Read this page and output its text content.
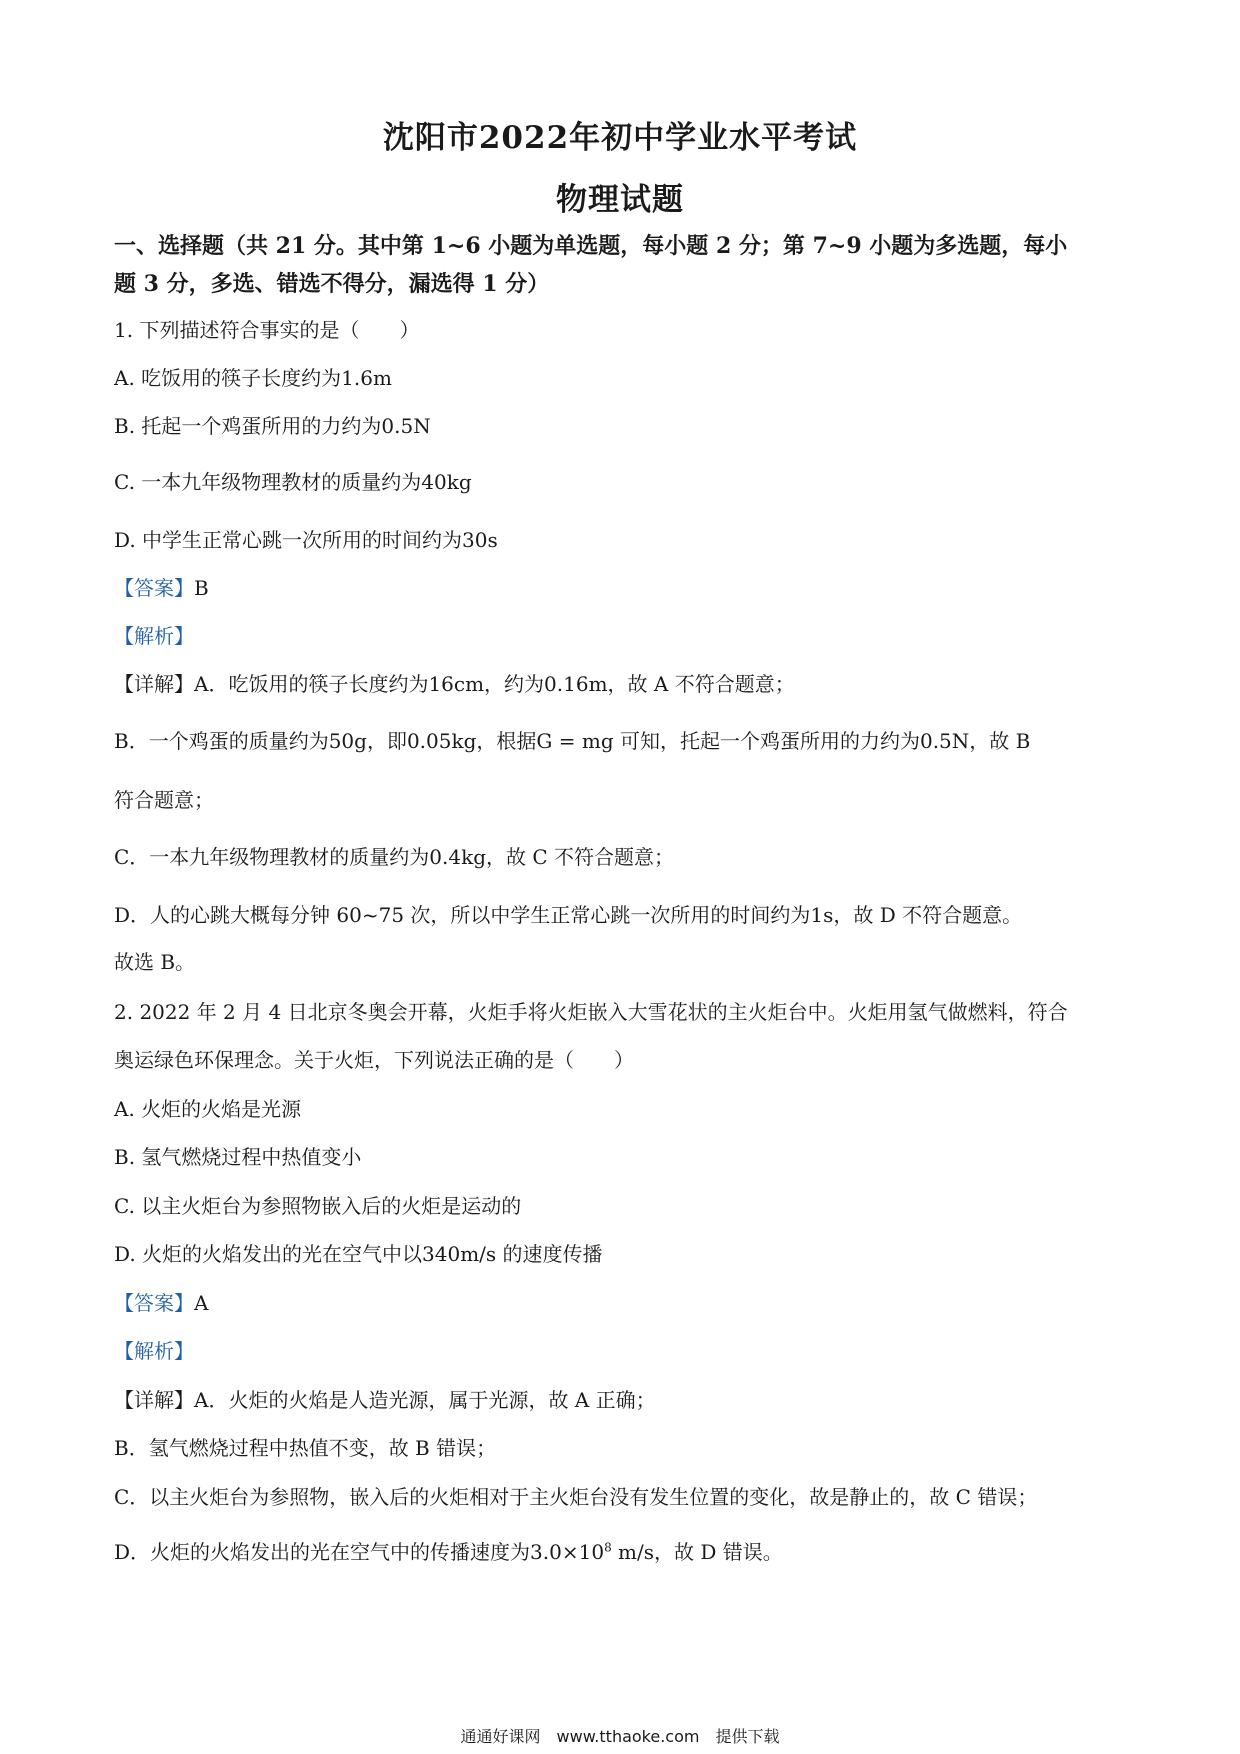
沈阳市2022年初中学业水平考试
物理试题
一、选择题（共 21 分。其中第 1~6 小题为单选题，每小题 2 分；第 7~9 小题为多选题，每小
题 3 分，多选、错选不得分，漏选得 1 分）
1. 下列描述符合事实的是（　　）
A. 吃饭用的筷子长度约为1.6m
B. 托起一个鸡蛋所用的力约为0.5N
C. 一本九年级物理教材的质量约为40kg
D. 中学生正常心跳一次所用的时间约为30s
【答案】B
【解析】
【详解】A．吃饭用的筷子长度约为16cm，约为0.16m，故 A 不符合题意；
B．一个鸡蛋的质量约为50g，即0.05kg，根据G = mg 可知，托起一个鸡蛋所用的力约为0.5N，故 B
符合题意；
C．一本九年级物理教材的质量约为0.4kg，故 C 不符合题意；
D．人的心跳大概每分钟 60~75 次，所以中学生正常心跳一次所用的时间约为1s，故 D 不符合题意。
故选 B。
2. 2022 年 2 月 4 日北京冬奥会开幕，火炬手将火炬嵌入大雪花状的主火炬台中。火炬用氢气做燃料，符合
奥运绿色环保理念。关于火炬，下列说法正确的是（　　）
A. 火炬的火焰是光源
B. 氢气燃烧过程中热值变小
C. 以主火炬台为参照物嵌入后的火炬是运动的
D. 火炬的火焰发出的光在空气中以340m/s 的速度传播
【答案】A
【解析】
【详解】A．火炬的火焰是人造光源，属于光源，故 A 正确；
B．氢气燃烧过程中热值不变，故 B 错误；
C．以主火炬台为参照物，嵌入后的火炬相对于主火炬台没有发生位置的变化，故是静止的，故 C 错误；
D．火炬的火焰发出的光在空气中的传播速度为$3.0\times 10^8$ m/s，故 D 错误。
通通好课网　www.tthaoke.com　提供下载
